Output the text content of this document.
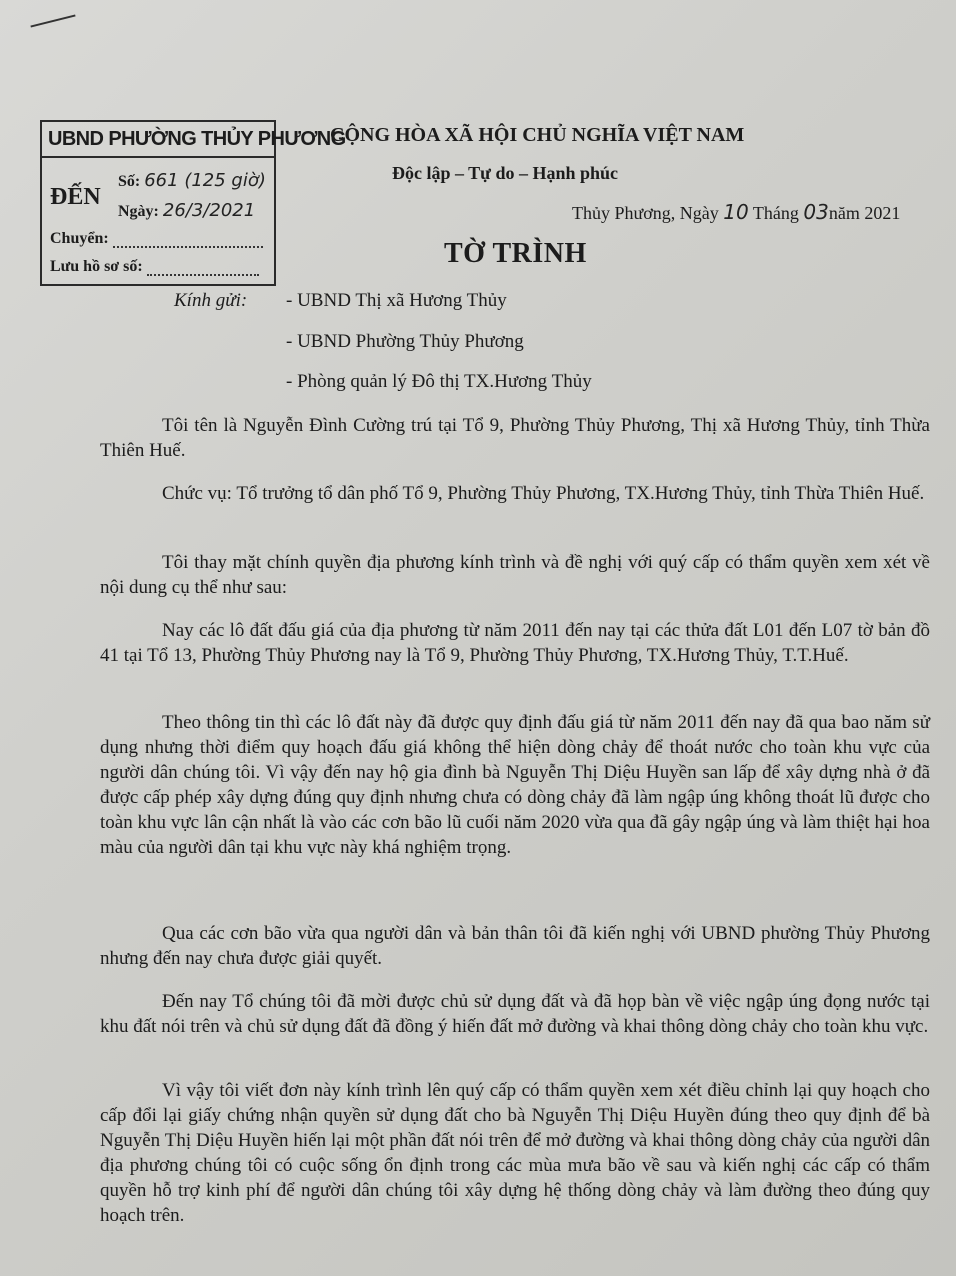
UBND PHƯỜNG THỦY PHƯƠNG
ĐẾN
Số: 661 (125 giờ)
Ngày: 26/3/2021
Chuyển:
Lưu hồ sơ số:
CỘNG HÒA XÃ HỘI CHỦ NGHĨA VIỆT NAM
Độc lập – Tự do – Hạnh phúc
Thủy Phương, Ngày 10 Tháng 03năm 2021
TỜ TRÌNH
Kính gửi: - UBND Thị xã Hương Thủy
- UBND Phường Thủy Phương
- Phòng quản lý Đô thị TX.Hương Thủy

Tôi tên là Nguyễn Đình Cường trú tại Tổ 9, Phường Thủy Phương, Thị xã Hương Thủy, tỉnh Thừa Thiên Huế.

Chức vụ: Tổ trưởng tổ dân phố Tổ 9, Phường Thủy Phương, TX.Hương Thủy, tỉnh Thừa Thiên Huế.

Tôi thay mặt chính quyền địa phương kính trình và đề nghị với quý cấp có thẩm quyền xem xét về nội dung cụ thể như sau:

Nay các lô đất đấu giá của địa phương từ năm 2011 đến nay tại các thửa đất L01 đến L07 tờ bản đồ 41 tại Tổ 13, Phường Thủy Phương nay là Tổ 9, Phường Thủy Phương, TX.Hương Thủy, T.T.Huế.

Theo thông tin thì các lô đất này đã được quy định đấu giá từ năm 2011 đến nay đã qua bao năm sử dụng nhưng thời điểm quy hoạch đấu giá không thể hiện dòng chảy để thoát nước cho toàn khu vực của người dân chúng tôi. Vì vậy đến nay hộ gia đình bà Nguyễn Thị Diệu Huyền san lấp để xây dựng nhà ở đã được cấp phép xây dựng đúng quy định nhưng chưa có dòng chảy đã làm ngập úng không thoát lũ được cho toàn khu vực lân cận nhất là vào các cơn bão lũ cuối năm 2020 vừa qua đã gây ngập úng và làm thiệt hại hoa màu của người dân tại khu vực này khá nghiệm trọng.

Qua các cơn bão vừa qua người dân và bản thân tôi đã kiến nghị với UBND phường Thủy Phương nhưng đến nay chưa được giải quyết.

Đến nay Tổ chúng tôi đã mời được chủ sử dụng đất và đã họp bàn về việc ngập úng đọng nước tại khu đất nói trên và chủ sử dụng đất đã đồng ý hiến đất mở đường và khai thông dòng chảy cho toàn khu vực.

Vì vậy tôi viết đơn này kính trình lên quý cấp có thẩm quyền xem xét điều chỉnh lại quy hoạch cho cấp đổi lại giấy chứng nhận quyền sử dụng đất cho bà Nguyễn Thị Diệu Huyền đúng theo quy định để bà Nguyễn Thị Diệu Huyền hiến lại một phần đất nói trên để mở đường và khai thông dòng chảy của người dân địa phương chúng tôi có cuộc sống ổn định trong các mùa mưa bão về sau và kiến nghị các cấp có thẩm quyền hỗ trợ kinh phí để người dân chúng tôi xây dựng hệ thống dòng chảy và làm đường theo đúng quy hoạch trên.
